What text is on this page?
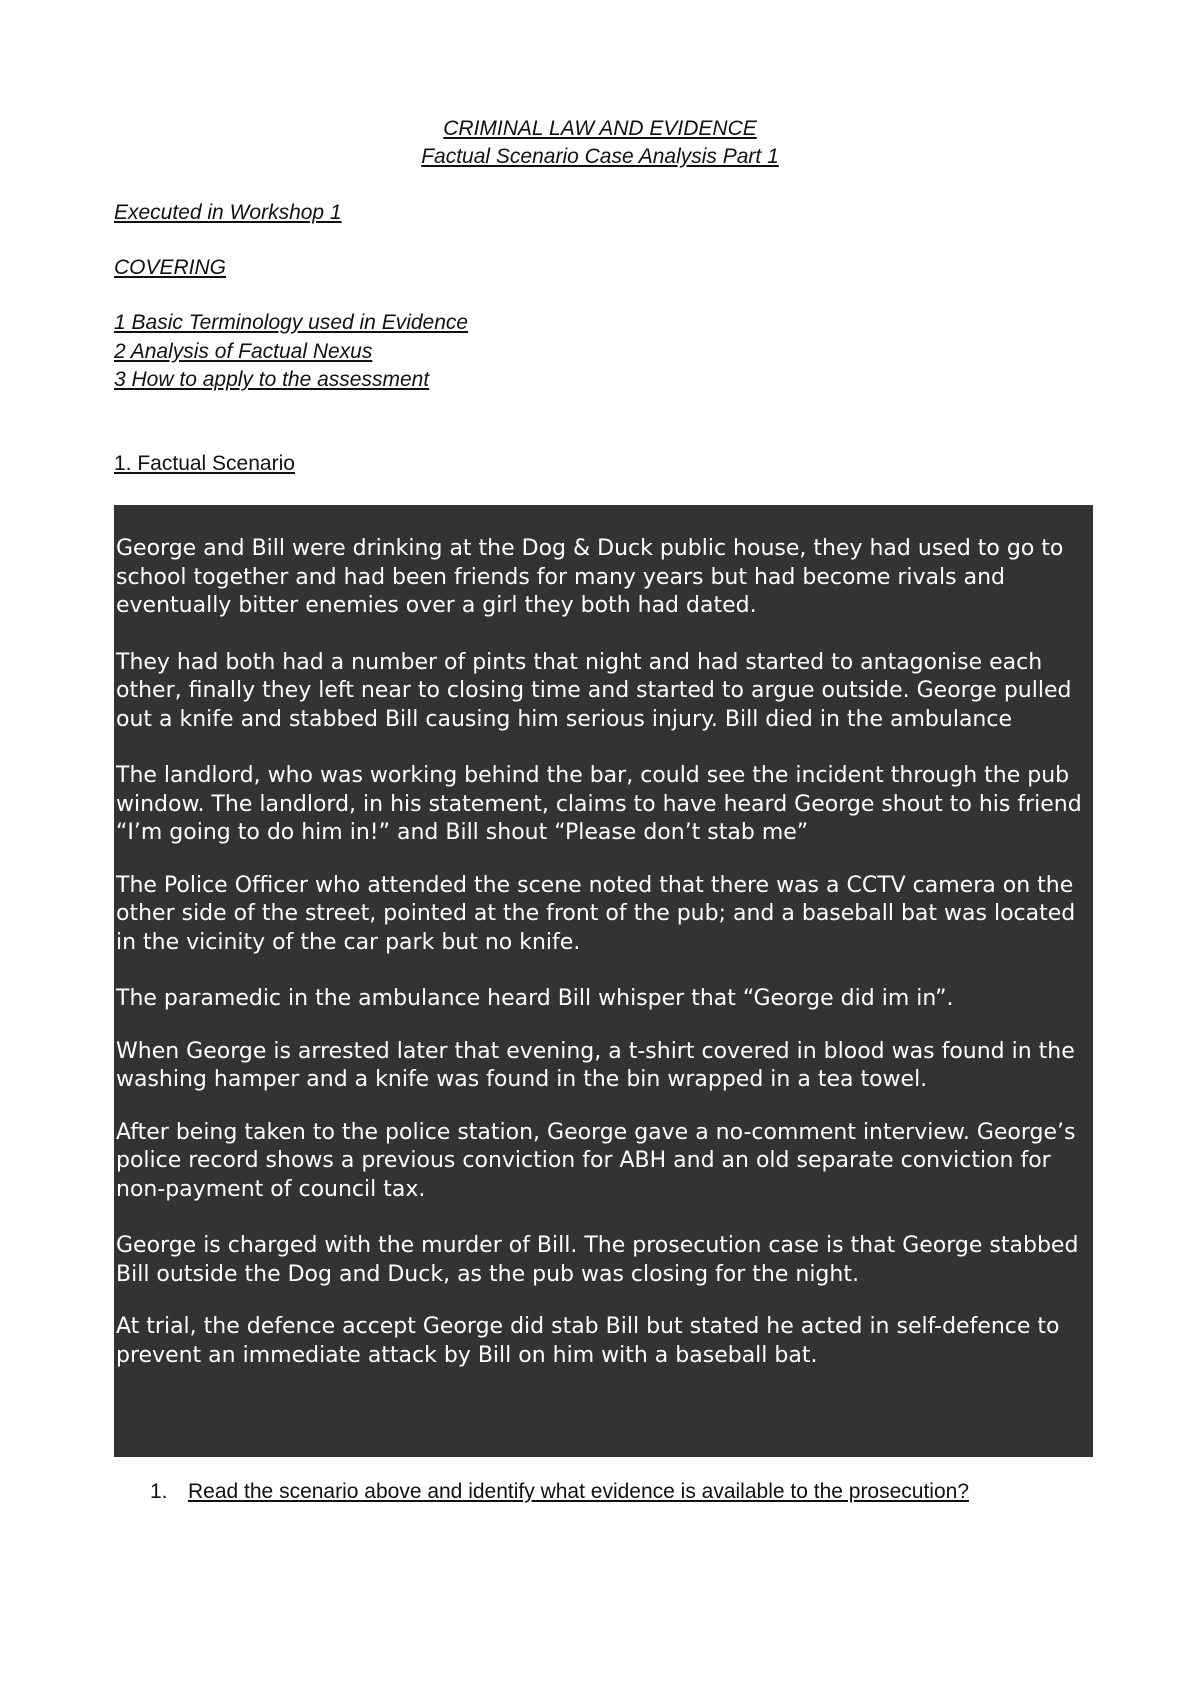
CRIMINAL LAW AND EVIDENCE
Factual Scenario Case Analysis Part 1
Executed in Workshop 1
COVERING
1 Basic Terminology used in Evidence
2 Analysis of Factual Nexus
3 How to apply to the assessment
1. Factual Scenario

George and Bill were drinking at the Dog & Duck public house, they had used to go to school together and had been friends for many years but had become rivals and eventually bitter enemies over a girl they both had dated.

They had both had a number of pints that night and had started to antagonise each other, finally they left near to closing time and started to argue outside. George pulled out a knife and stabbed Bill causing him serious injury. Bill died in the ambulance

The landlord, who was working behind the bar, could see the incident through the pub window. The landlord, in his statement, claims to have heard George shout to his friend “I’m going to do him in!” and Bill shout “Please don’t stab me”

The Police Officer who attended the scene noted that there was a CCTV camera on the other side of the street, pointed at the front of the pub; and a baseball bat was located in the vicinity of the car park but no knife.

The paramedic in the ambulance heard Bill whisper that “George did im in”.

When George is arrested later that evening, a t-shirt covered in blood was found in the washing hamper and a knife was found in the bin wrapped in a tea towel.

After being taken to the police station, George gave a no-comment interview. George’s police record shows a previous conviction for ABH and an old separate conviction for non-payment of council tax.

George is charged with the murder of Bill. The prosecution case is that George stabbed Bill outside the Dog and Duck, as the pub was closing for the night.

At trial, the defence accept George did stab Bill but stated he acted in self-defence to prevent an immediate attack by Bill on him with a baseball bat.

1. Read the scenario above and identify what evidence is available to the prosecution?
